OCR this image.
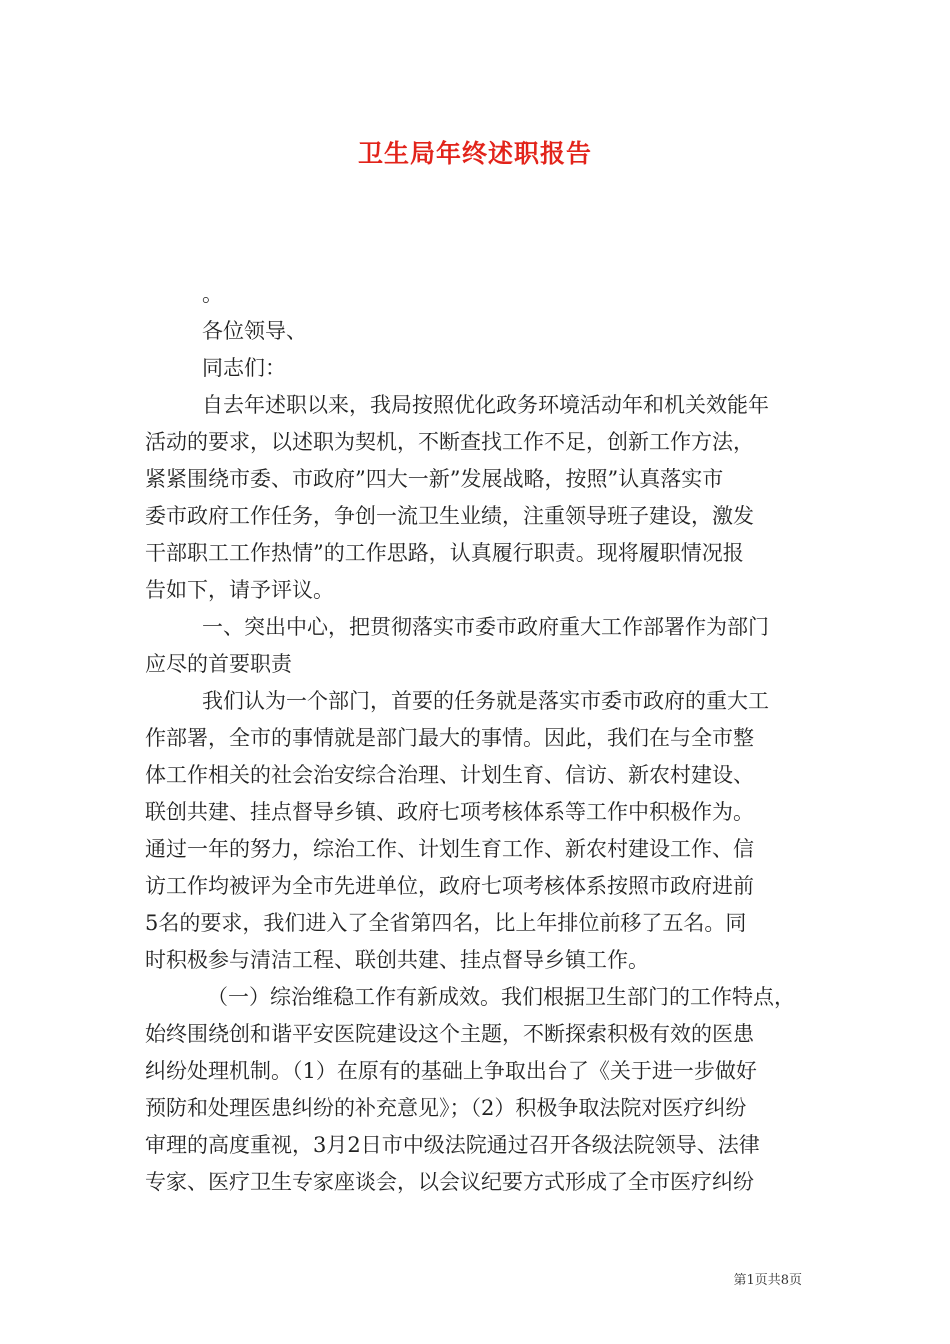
卫生局年终述职报告
。
各位领导、
同志们：
自去年述职以来，我局按照优化政务环境活动年和机关效能年
活动的要求，以述职为契机，不断查找工作不足，创新工作方法，
紧紧围绕市委、市政府”四大一新”发展战略，按照”认真落实市
委市政府工作任务，争创一流卫生业绩，注重领导班子建设，激发
干部职工工作热情”的工作思路，认真履行职责。现将履职情况报
告如下，请予评议。
一、突出中心，把贯彻落实市委市政府重大工作部署作为部门
应尽的首要职责
我们认为一个部门，首要的任务就是落实市委市政府的重大工
作部署，全市的事情就是部门最大的事情。因此，我们在与全市整
体工作相关的社会治安综合治理、计划生育、信访、新农村建设、
联创共建、挂点督导乡镇、政府七项考核体系等工作中积极作为。
通过一年的努力，综治工作、计划生育工作、新农村建设工作、信
访工作均被评为全市先进单位，政府七项考核体系按照市政府进前
5名的要求，我们进入了全省第四名，比上年排位前移了五名。同
时积极参与清洁工程、联创共建、挂点督导乡镇工作。
（一）综治维稳工作有新成效。我们根据卫生部门的工作特点，
始终围绕创和谐平安医院建设这个主题，不断探索积极有效的医患
纠纷处理机制。（1）在原有的基础上争取出台了《关于进一步做好
预防和处理医患纠纷的补充意见》；（2）积极争取法院对医疗纠纷
审理的高度重视，3月2日市中级法院通过召开各级法院领导、法律
专家、医疗卫生专家座谈会，以会议纪要方式形成了全市医疗纠纷
第1页共8页
